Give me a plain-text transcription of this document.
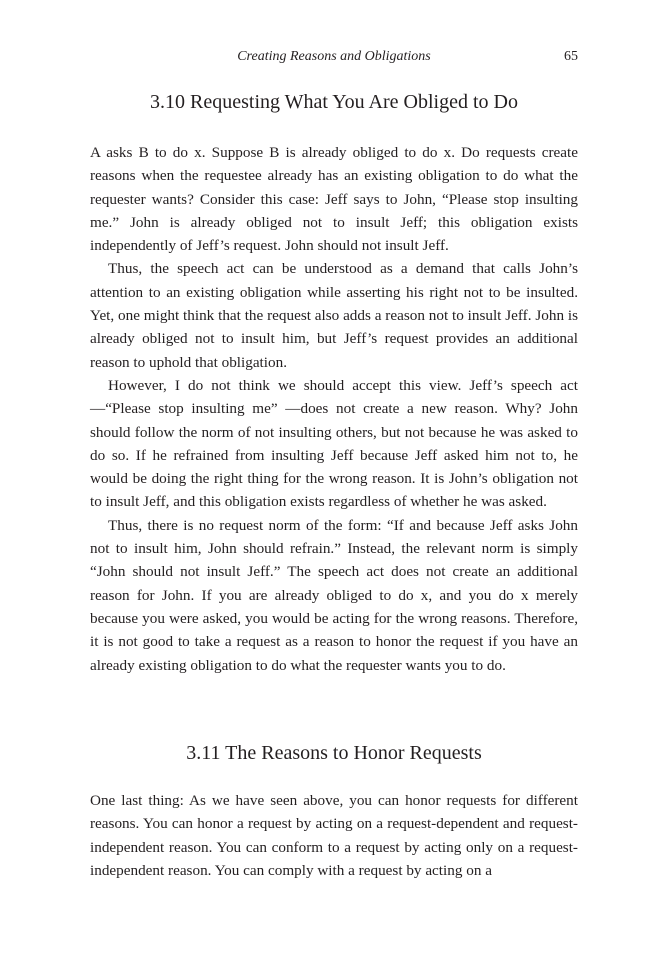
Creating Reasons and Obligations	65
3.10 Requesting What You Are Obliged to Do

A asks B to do x. Suppose B is already obliged to do x. Do requests create reasons when the requestee already has an existing obligation to do what the requester wants? Consider this case: Jeff says to John, “Please stop insulting me.” John is already obliged not to insult Jeff; this obligation exists independently of Jeff’s request. John should not insult Jeff.

Thus, the speech act can be understood as a demand that calls John’s attention to an existing obligation while asserting his right not to be insulted. Yet, one might think that the request also adds a reason not to insult Jeff. John is already obliged not to insult him, but Jeff’s request provides an additional reason to uphold that obligation.

However, I do not think we should accept this view. Jeff’s speech act—“Please stop insulting me” —does not create a new reason. Why? John should follow the norm of not insulting others, but not because he was asked to do so. If he refrained from insulting Jeff because Jeff asked him not to, he would be doing the right thing for the wrong reason. It is John’s obligation not to insult Jeff, and this obligation exists regardless of whether he was asked.

Thus, there is no request norm of the form: “If and because Jeff asks John not to insult him, John should refrain.” Instead, the relevant norm is simply “John should not insult Jeff.” The speech act does not create an additional reason for John. If you are already obliged to do x, and you do x merely because you were asked, you would be acting for the wrong reasons. Therefore, it is not good to take a request as a reason to honor the request if you have an already existing obligation to do what the requester wants you to do.

3.11 The Reasons to Honor Requests

One last thing: As we have seen above, you can honor requests for different reasons. You can honor a request by acting on a request-dependent and request-independent reason. You can conform to a request by acting only on a request-independent reason. You can comply with a request by acting on a
